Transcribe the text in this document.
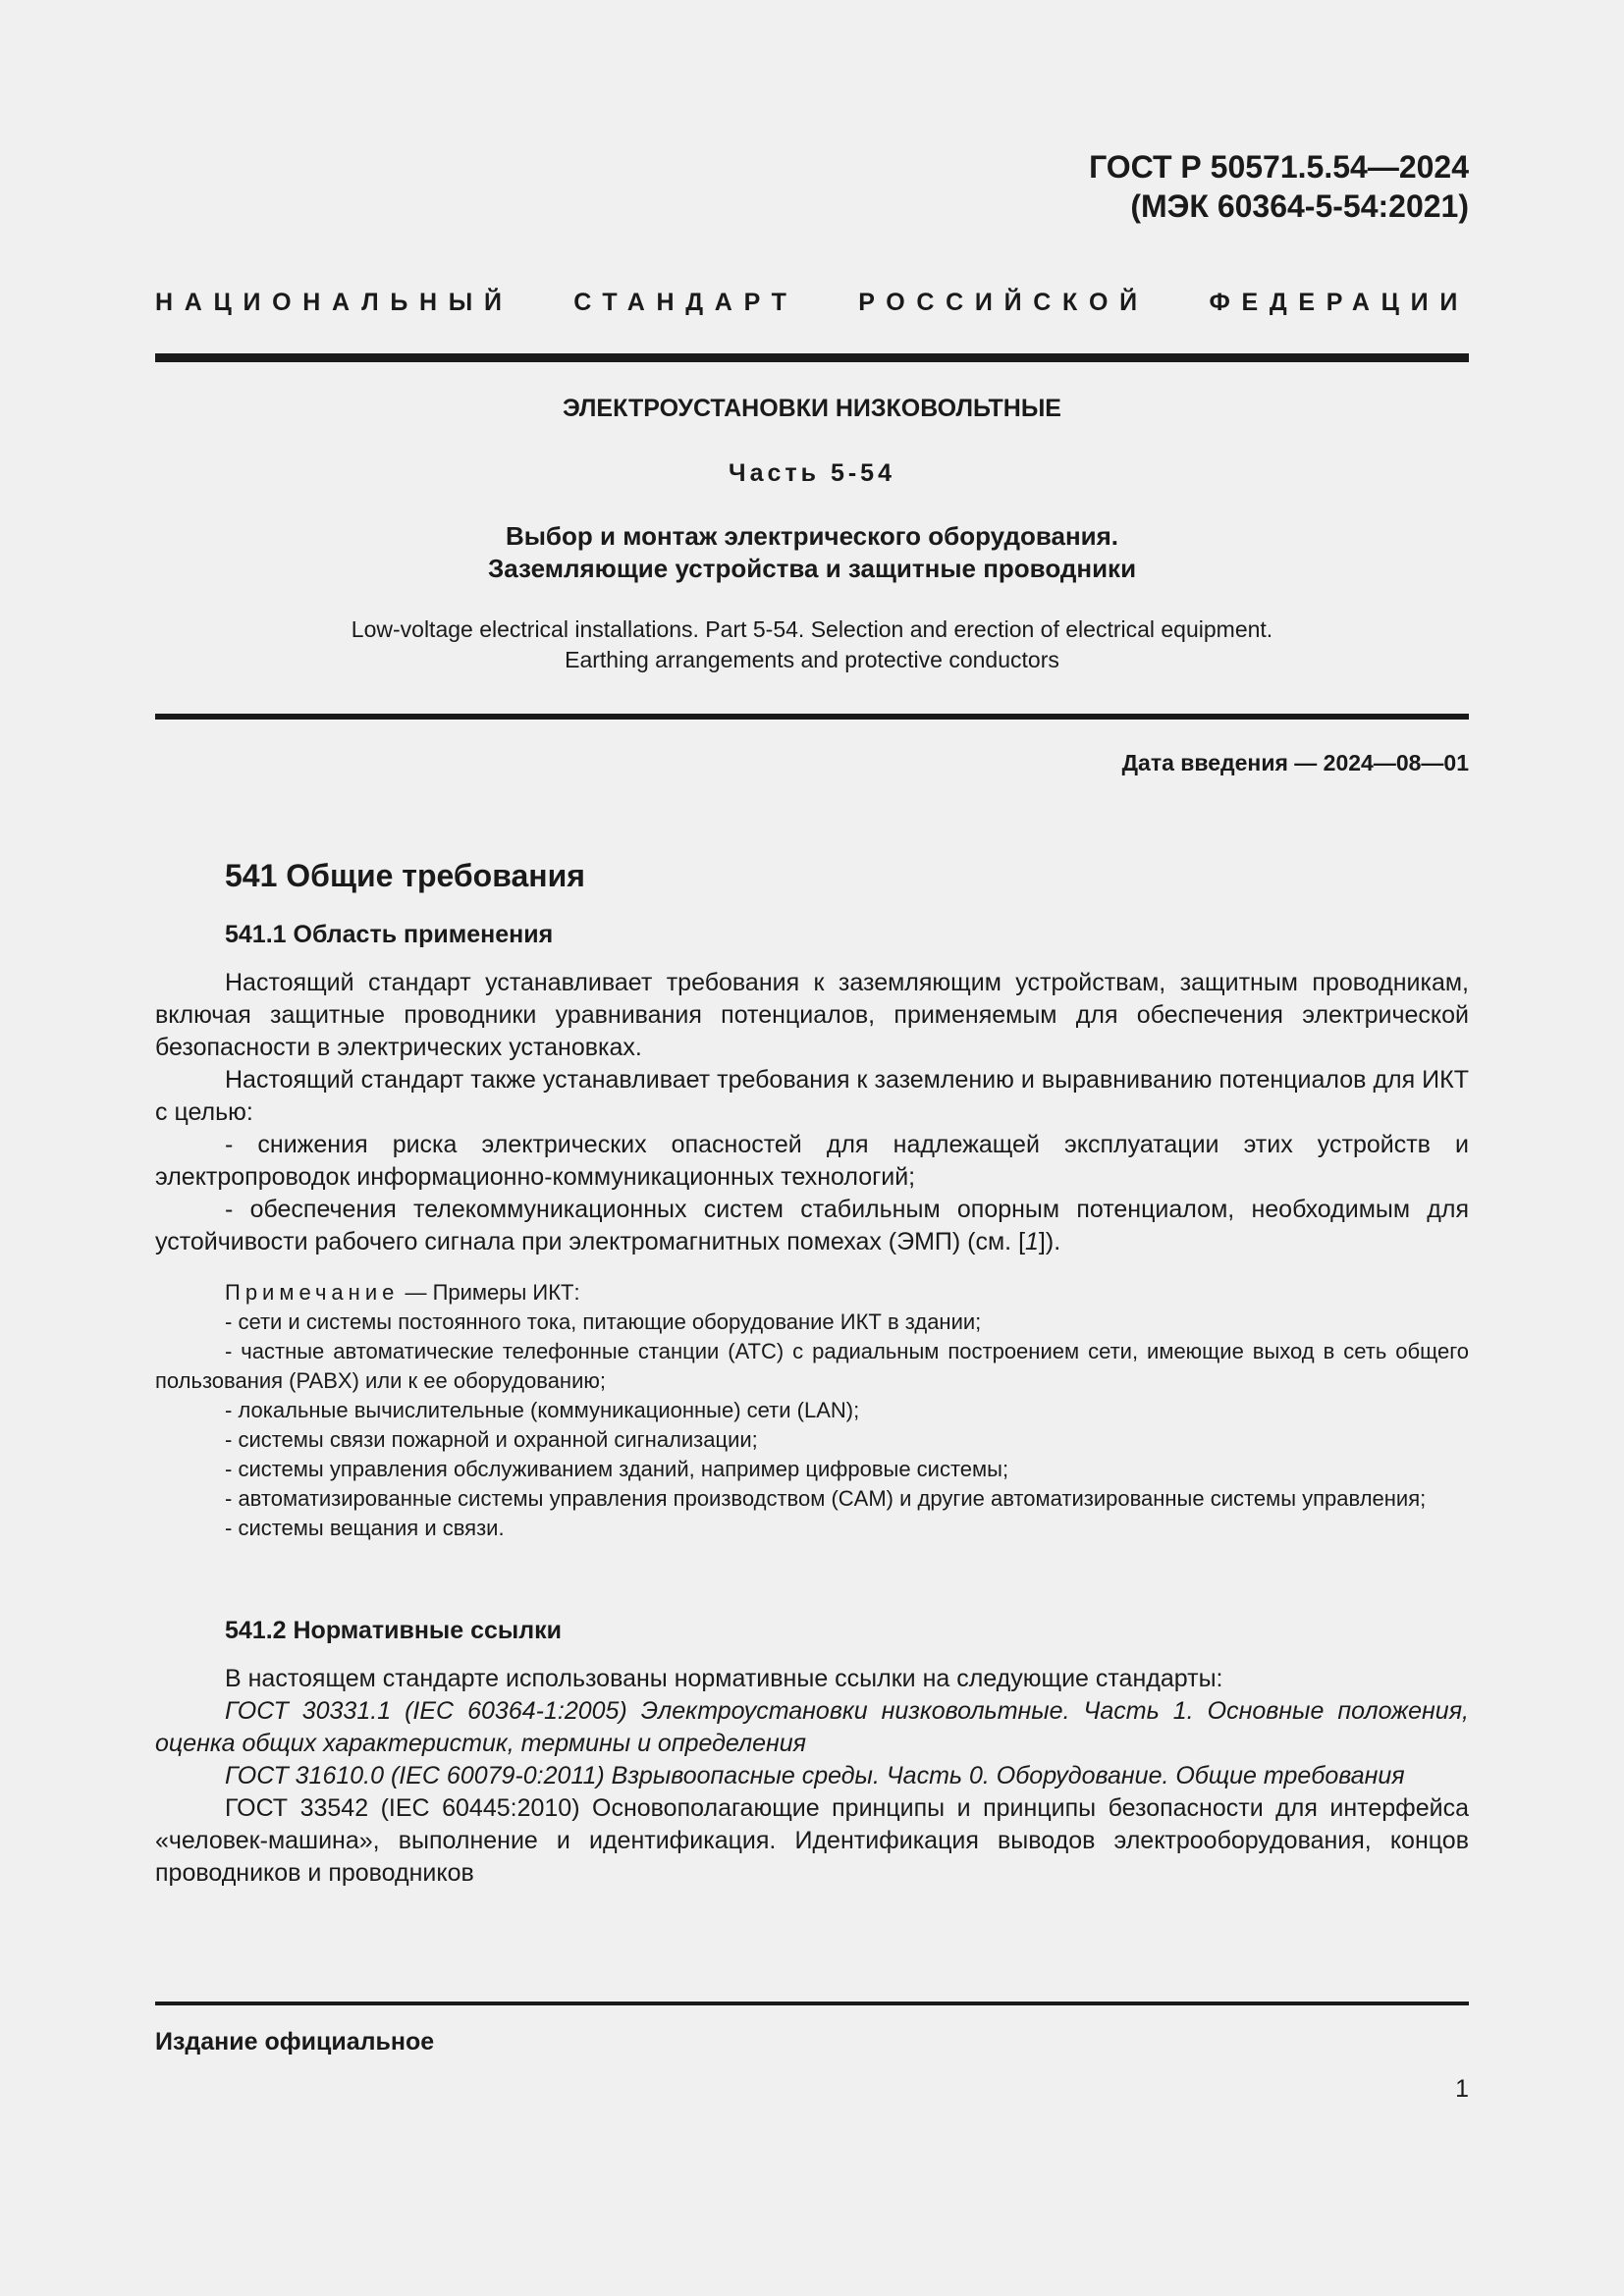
ГОСТ Р 50571.5.54—2024
(МЭК 60364-5-54:2021)
НАЦИОНАЛЬНЫЙ СТАНДАРТ РОССИЙСКОЙ ФЕДЕРАЦИИ
ЭЛЕКТРОУСТАНОВКИ НИЗКОВОЛЬТНЫЕ
Часть 5-54
Выбор и монтаж электрического оборудования.
Заземляющие устройства и защитные проводники
Low-voltage electrical installations. Part 5-54. Selection and erection of electrical equipment.
Earthing arrangements and protective conductors
Дата введения — 2024—08—01
541 Общие требования
541.1 Область применения

Настоящий стандарт устанавливает требования к заземляющим устройствам, защитным проводникам, включая защитные проводники уравнивания потенциалов, применяемым для обеспечения электрической безопасности в электрических установках.

Настоящий стандарт также устанавливает требования к заземлению и выравниванию потенциалов для ИКТ с целью:

- снижения риска электрических опасностей для надлежащей эксплуатации этих устройств и электропроводок информационно-коммуникационных технологий;

- обеспечения телекоммуникационных систем стабильным опорным потенциалом, необходимым для устойчивости рабочего сигнала при электромагнитных помехах (ЭМП) (см. [1]).

Примечание — Примеры ИКТ:

- сети и системы постоянного тока, питающие оборудование ИКТ в здании;

- частные автоматические телефонные станции (АТС) с радиальным построением сети, имеющие выход в сеть общего пользования (PABX) или к ее оборудованию;

- локальные вычислительные (коммуникационные) сети (LAN);

- системы связи пожарной и охранной сигнализации;

- системы управления обслуживанием зданий, например цифровые системы;

- автоматизированные системы управления производством (CAM) и другие автоматизированные системы управления;

- системы вещания и связи.

541.2 Нормативные ссылки

В настоящем стандарте использованы нормативные ссылки на следующие стандарты:

ГОСТ 30331.1 (IEC 60364-1:2005) Электроустановки низковольтные. Часть 1. Основные положения, оценка общих характеристик, термины и определения

ГОСТ 31610.0 (IEC 60079-0:2011) Взрывоопасные среды. Часть 0. Оборудование. Общие требования

ГОСТ 33542 (IEC 60445:2010) Основополагающие принципы и принципы безопасности для интерфейса «человек-машина», выполнение и идентификация. Идентификация выводов электрооборудования, концов проводников и проводников

Издание официальное
1
